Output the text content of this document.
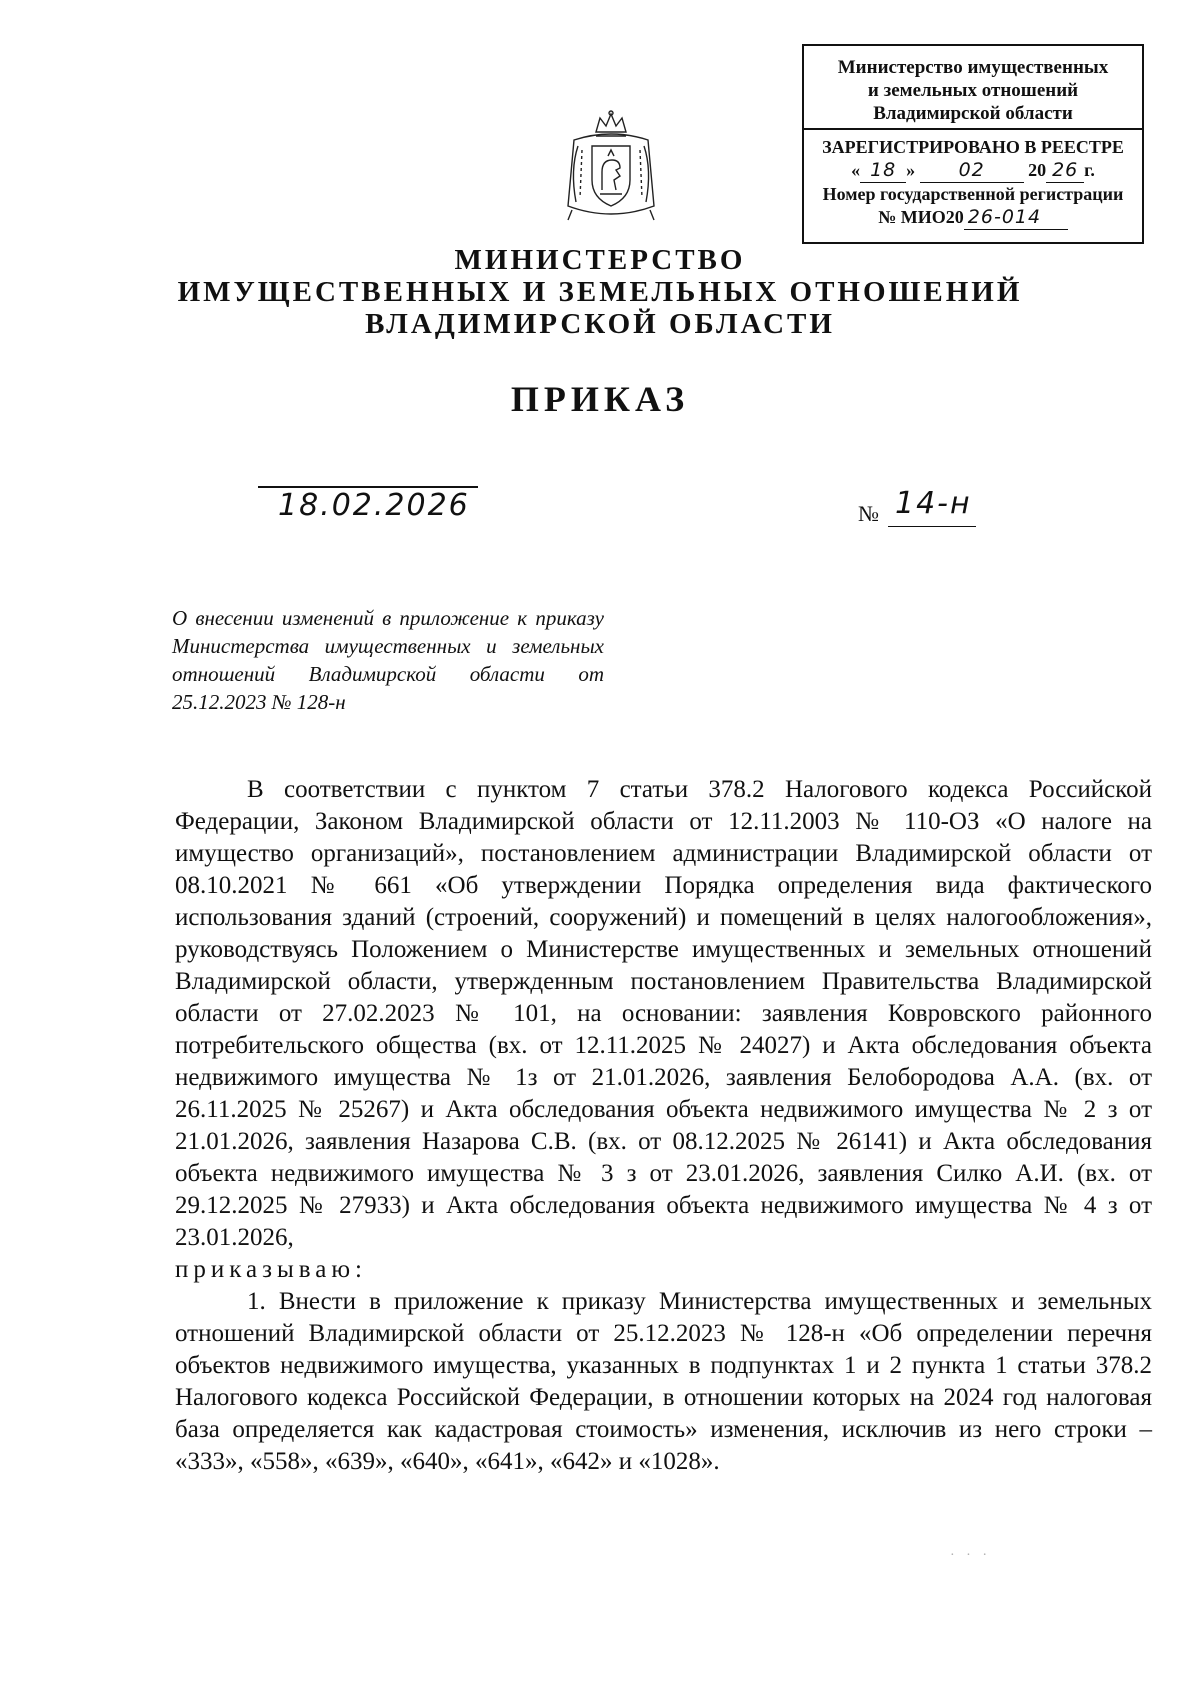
Министерство имущественных
и земельных отношений
Владимирской области
ЗАРЕГИСТРИРОВАНО В РЕЕСТРЕ
« 18 » 02 20 26 г.
Номер государственной регистрации
№ МИО20 26-014
МИНИСТЕРСТВО
ИМУЩЕСТВЕННЫХ И ЗЕМЕЛЬНЫХ ОТНОШЕНИЙ
ВЛАДИМИРСКОЙ ОБЛАСТИ
ПРИКАЗ
18.02.2026	№ 14-н
О внесении изменений в приложение к приказу Министерства имущественных и земельных отношений Владимирской области от 25.12.2023 № 128-н

В соответствии с пунктом 7 статьи 378.2 Налогового кодекса Российской Федерации, Законом Владимирской области от 12.11.2003 № 110-ОЗ «О налоге на имущество организаций», постановлением администрации Владимирской области от 08.10.2021 № 661 «Об утверждении Порядка определения вида фактического использования зданий (строений, сооружений) и помещений в целях налогообложения», руководствуясь Положением о Министерстве имущественных и земельных отношений Владимирской области, утвержденным постановлением Правительства Владимирской области от 27.02.2023 № 101, на основании: заявления Ковровского районного потребительского общества (вх. от 12.11.2025 № 24027) и Акта обследования объекта недвижимого имущества № 1з от 21.01.2026, заявления Белобородова А.А. (вх. от 26.11.2025 № 25267) и Акта обследования объекта недвижимого имущества № 2 з от 21.01.2026, заявления Назарова С.В. (вх. от 08.12.2025 № 26141) и Акта обследования объекта недвижимого имущества № 3 з от 23.01.2026, заявления Силко А.И. (вх. от 29.12.2025 № 27933) и Акта обследования объекта недвижимого имущества № 4 з от 23.01.2026,
приказываю:

1. Внести в приложение к приказу Министерства имущественных и земельных отношений Владимирской области от 25.12.2023 № 128-н «Об определении перечня объектов недвижимого имущества, указанных в подпунктах 1 и 2 пункта 1 статьи 378.2 Налогового кодекса Российской Федерации, в отношении которых на 2024 год налоговая база определяется как кадастровая стоимость» изменения, исключив из него строки – «333», «558», «639», «640», «641», «642» и «1028».

· · ·
